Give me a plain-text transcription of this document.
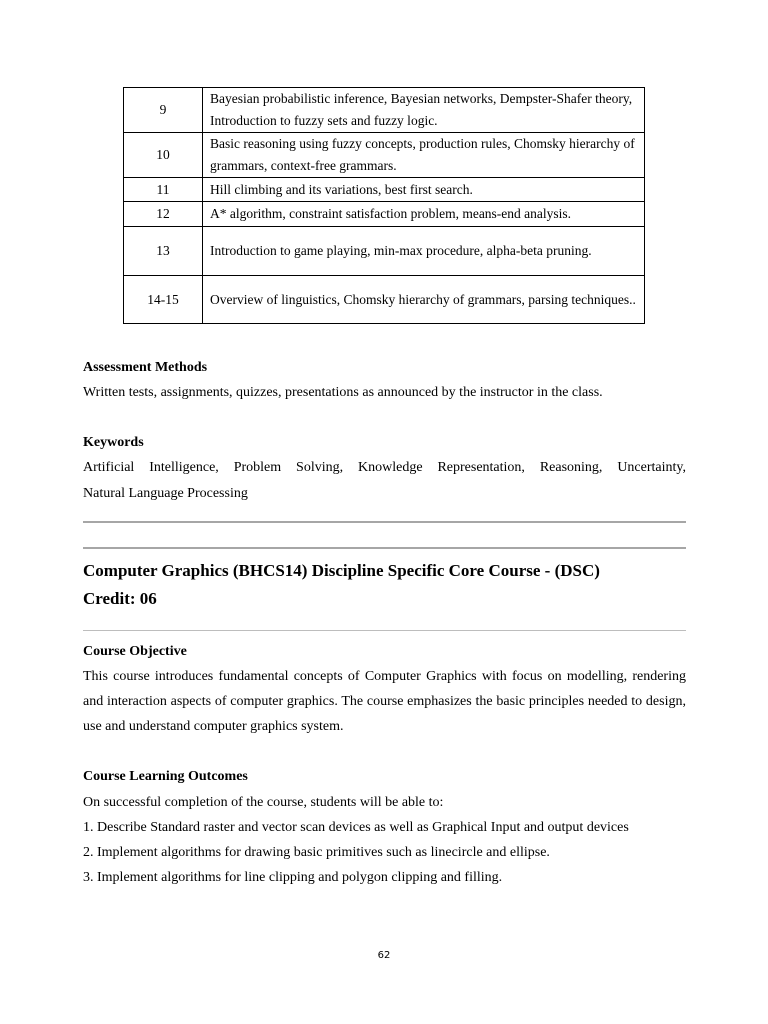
9	Bayesian probabilistic inference, Bayesian networks, Dempster-Shafer theory, Introduction to fuzzy sets and fuzzy logic.
10	Basic reasoning using fuzzy concepts, production rules, Chomsky hierarchy of grammars, context-free grammars.
11	Hill climbing and its variations, best first search.
12	A* algorithm, constraint satisfaction problem, means-end analysis.
13	Introduction to game playing, min-max procedure, alpha-beta pruning.
14-15	Overview of linguistics, Chomsky hierarchy of grammars, parsing techniques..
Assessment Methods
Written tests, assignments, quizzes, presentations as announced by the instructor in the class.
Keywords
Artificial Intelligence, Problem Solving, Knowledge Representation, Reasoning, Uncertainty,
Natural Language Processing
Computer Graphics (BHCS14) Discipline Specific Core Course - (DSC)
Credit: 06
Course Objective
This course introduces fundamental concepts of Computer Graphics with focus on modelling, rendering and interaction aspects of computer graphics. The course emphasizes the basic principles needed to design, use and understand computer graphics system.
Course Learning Outcomes
On successful completion of the course, students will be able to:
1. Describe Standard raster and vector scan devices as well as Graphical Input and output devices
2. Implement algorithms for drawing basic primitives such as linecircle and ellipse.
3. Implement algorithms for line clipping and polygon clipping and filling.
62
